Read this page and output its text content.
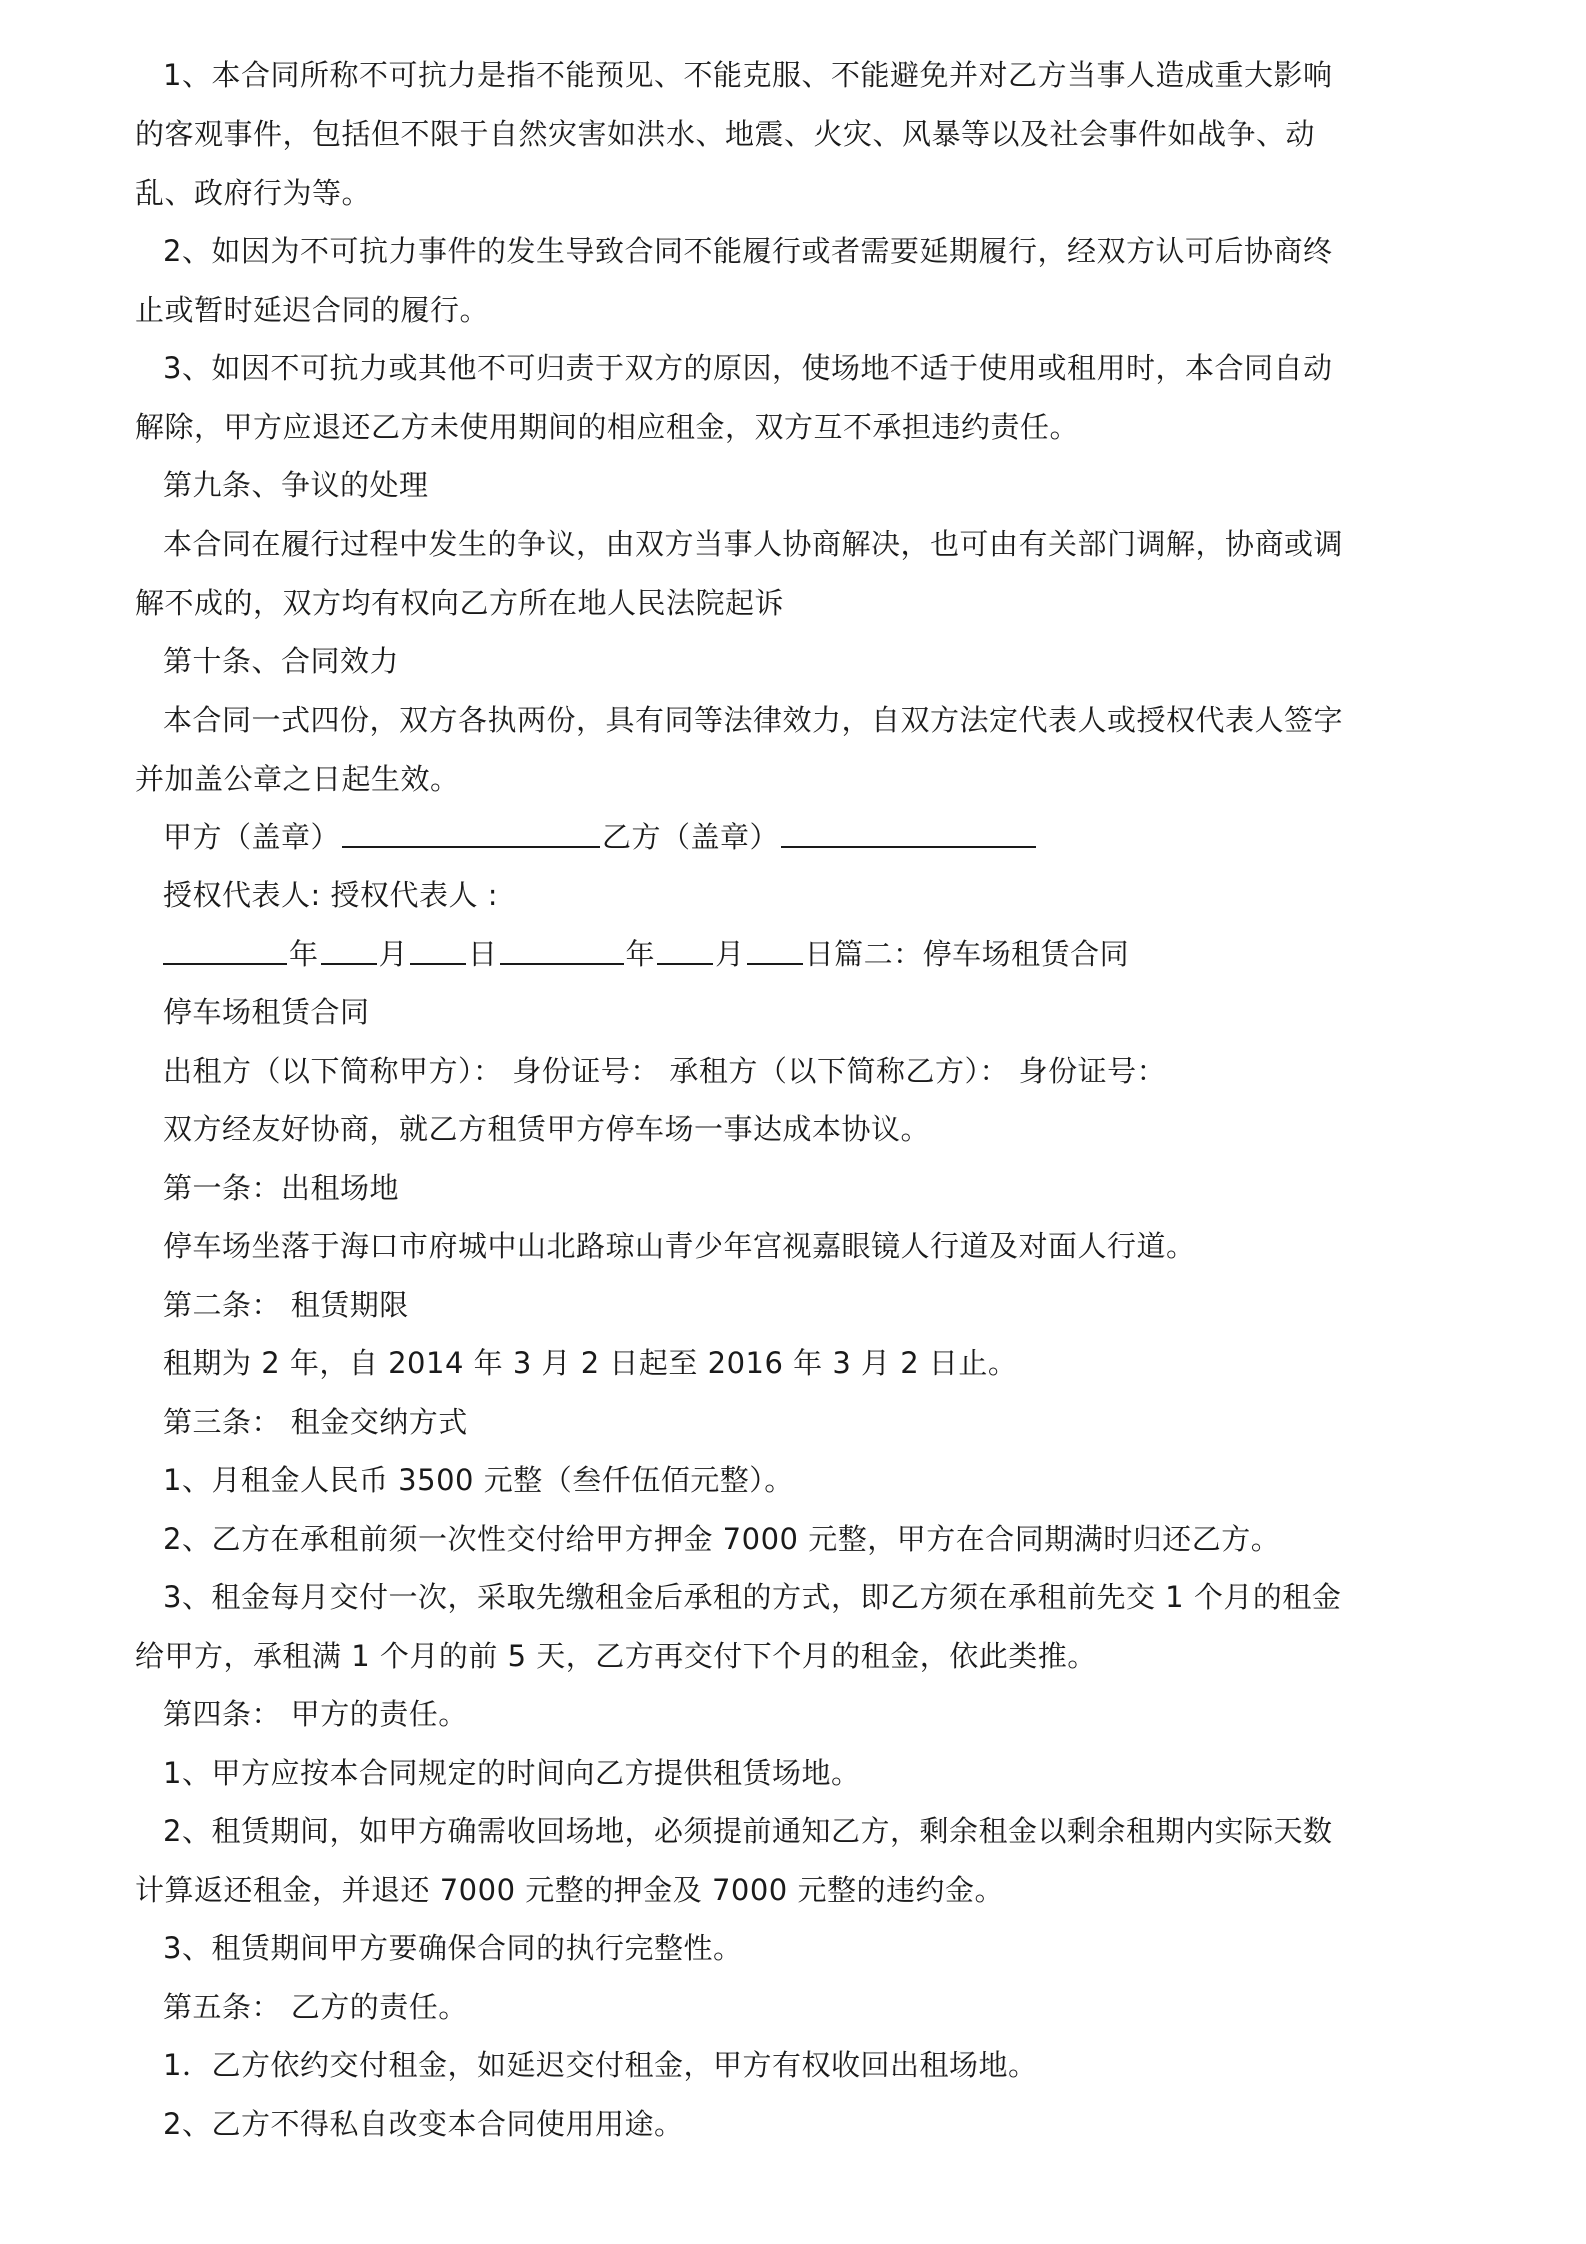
1、本合同所称不可抗力是指不能预见、不能克服、不能避免并对乙方当事人造成重大影响
的客观事件，包括但不限于自然灾害如洪水、地震、火灾、风暴等以及社会事件如战争、动
乱、政府行为等。
2、如因为不可抗力事件的发生导致合同不能履行或者需要延期履行，经双方认可后协商终
止或暂时延迟合同的履行。
3、如因不可抗力或其他不可归责于双方的原因，使场地不适于使用或租用时，本合同自动
解除，甲方应退还乙方未使用期间的相应租金，双方互不承担违约责任。
第九条、争议的处理
本合同在履行过程中发生的争议，由双方当事人协商解决，也可由有关部门调解，协商或调
解不成的，双方均有权向乙方所在地人民法院起诉
第十条、合同效力
本合同一式四份，双方各执两份，具有同等法律效力，自双方法定代表人或授权代表人签字
并加盖公章之日起生效。
甲方（盖章）	乙方（盖章）
授权代表人: 授权代表人 :
年 月 日	年 月 日篇二：停车场租赁合同
停车场租赁合同
出租方（以下简称甲方）： 身份证号： 承租方（以下简称乙方）： 身份证号：
双方经友好协商，就乙方租赁甲方停车场一事达成本协议。
第一条：出租场地
停车场坐落于海口市府城中山北路琼山青少年宫视嘉眼镜人行道及对面人行道。
第二条： 租赁期限
租期为 2 年，自 2014 年 3 月 2 日起至 2016 年 3 月 2 日止。
第三条： 租金交纳方式
1、月租金人民币 3500 元整（叁仟伍佰元整）。
2、乙方在承租前须一次性交付给甲方押金 7000 元整，甲方在合同期满时归还乙方。
3、租金每月交付一次，采取先缴租金后承租的方式，即乙方须在承租前先交 1 个月的租金
给甲方，承租满 1 个月的前 5 天，乙方再交付下个月的租金，依此类推。
第四条： 甲方的责任。
1、甲方应按本合同规定的时间向乙方提供租赁场地。
2、租赁期间，如甲方确需收回场地，必须提前通知乙方，剩余租金以剩余租期内实际天数
计算返还租金，并退还 7000 元整的押金及 7000 元整的违约金。
3、租赁期间甲方要确保合同的执行完整性。
第五条： 乙方的责任。
1．乙方依约交付租金，如延迟交付租金，甲方有权收回出租场地。
2、乙方不得私自改变本合同使用用途。
